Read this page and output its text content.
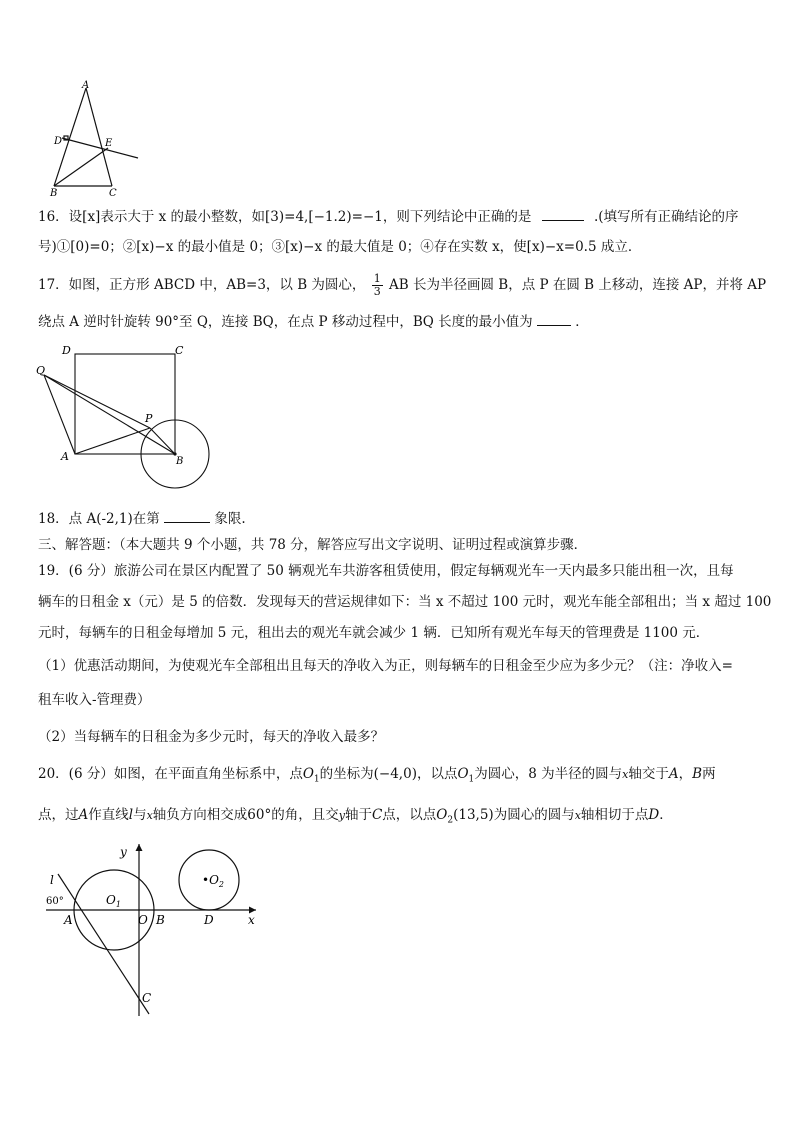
A
D	E
B	C
16．设[x]表示大于 x 的最小整数，如[3)=4,[−1.2)=−1，则下列结论中正确的是	.(填写所有正确结论的序
号)①[0)=0；②[x)−x 的最小值是 0；③[x)−x 的最大值是 0；④存在实数 x，使[x)−x=0.5 成立．
17．如图，正方形 ABCD 中，AB=3，以 B 为圆心， $\frac{1}{3}$ AB 长为半径画圆 B，点 P 在圆 B 上移动，连接 AP，并将 AP
绕点 A 逆时针旋转 90°至 Q，连接 BQ，在点 P 移动过程中，BQ 长度的最小值为	．
D	C
Q
P
A	B
18．点 A(-2,1)在第	象限.
三、解答题：（本大题共 9 个小题，共 78 分，解答应写出文字说明、证明过程或演算步骤．
19．(6 分）旅游公司在景区内配置了 50 辆观光车共游客租赁使用，假定每辆观光车一天内最多只能出租一次，且每
辆车的日租金 x（元）是 5 的倍数．发现每天的营运规律如下：当 x 不超过 100 元时，观光车能全部租出；当 x 超过 100
元时，每辆车的日租金每增加 5 元，租出去的观光车就会减少 1 辆．已知所有观光车每天的管理费是 1100 元．
（1）优惠活动期间，为使观光车全部租出且每天的净收入为正，则每辆车的日租金至少应为多少元？（注：净收入=
租车收入-管理费）
（2）当每辆车的日租金为多少元时，每天的净收入最多？
20．(6 分）如图，在平面直角坐标系中，点$O_1$的坐标为(−4,0)，以点$O_1$为圆心，8 为半径的圆与x轴交于A，B两
点，过A作直线l与x轴负方向相交成60°的角，且交y轴于C点，以点$O_2(13,5)$为圆心的圆与x轴相切于点D．
y
l
60°	$O_1$
$•O_2$
A	O B	D	x
C
